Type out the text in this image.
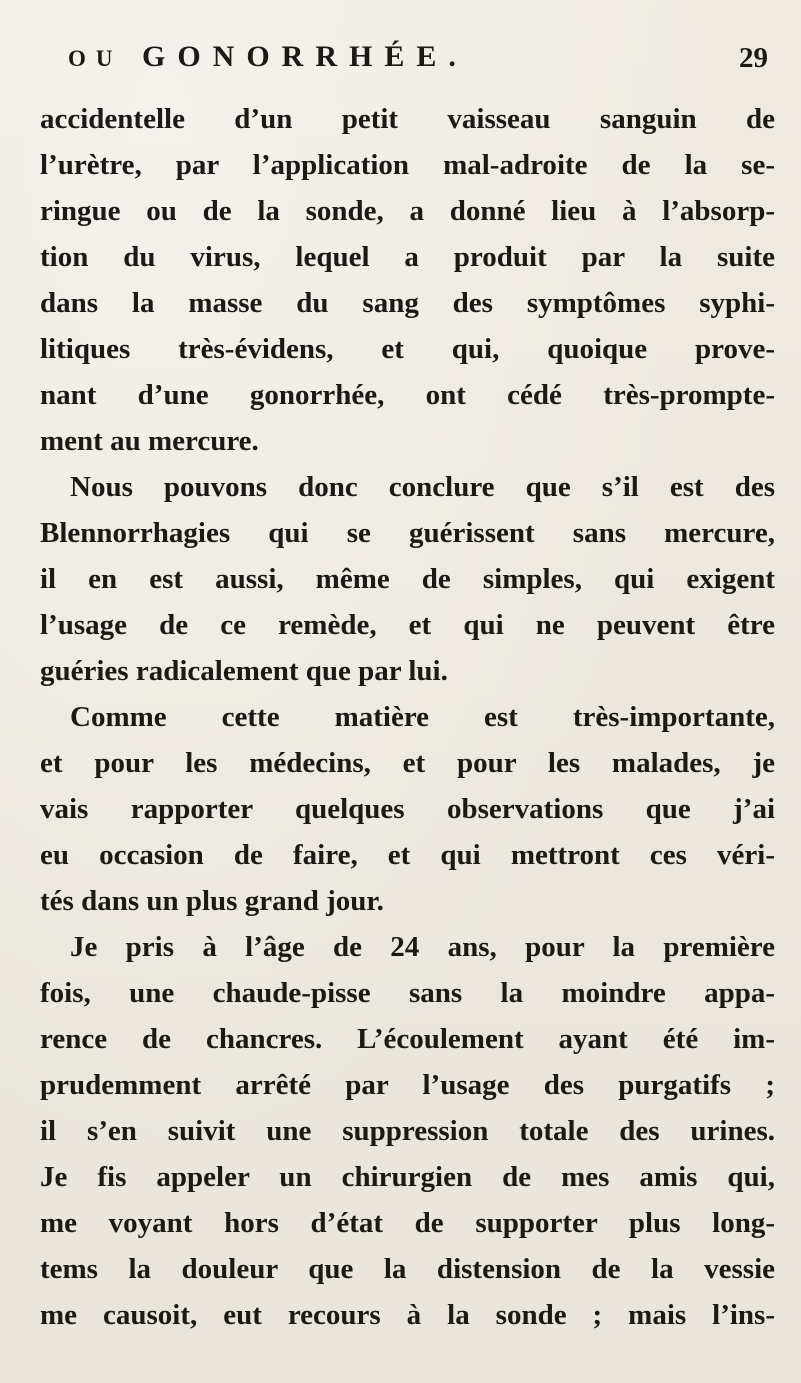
OU GONORRHÉE.	29
accidentelle d’un petit vaisseau sanguin de
l’urètre, par l’application mal-adroite de la se-
ringue ou de la sonde, a donné lieu à l’absorp-
tion du virus, lequel a produit par la suite
dans la masse du sang des symptômes syphi-
litiques très-évidens, et qui, quoique prove-
nant d’une gonorrhée, ont cédé très-prompte-
ment au mercure.
Nous pouvons donc conclure que s’il est des
Blennorrhagies qui se guérissent sans mercure,
il en est aussi, même de simples, qui exigent
l’usage de ce remède, et qui ne peuvent être
guéries radicalement que par lui.
Comme cette matière est très-importante,
et pour les médecins, et pour les malades, je
vais rapporter quelques observations que j’ai
eu occasion de faire, et qui mettront ces véri-
tés dans un plus grand jour.
Je pris à l’âge de 24 ans, pour la première
fois, une chaude-pisse sans la moindre appa-
rence de chancres. L’écoulement ayant été im-
prudemment arrêté par l’usage des purgatifs ;
il s’en suivit une suppression totale des urines.
Je fis appeler un chirurgien de mes amis qui,
me voyant hors d’état de supporter plus long-
tems la douleur que la distension de la vessie
me causoit, eut recours à la sonde ; mais l’ins-
